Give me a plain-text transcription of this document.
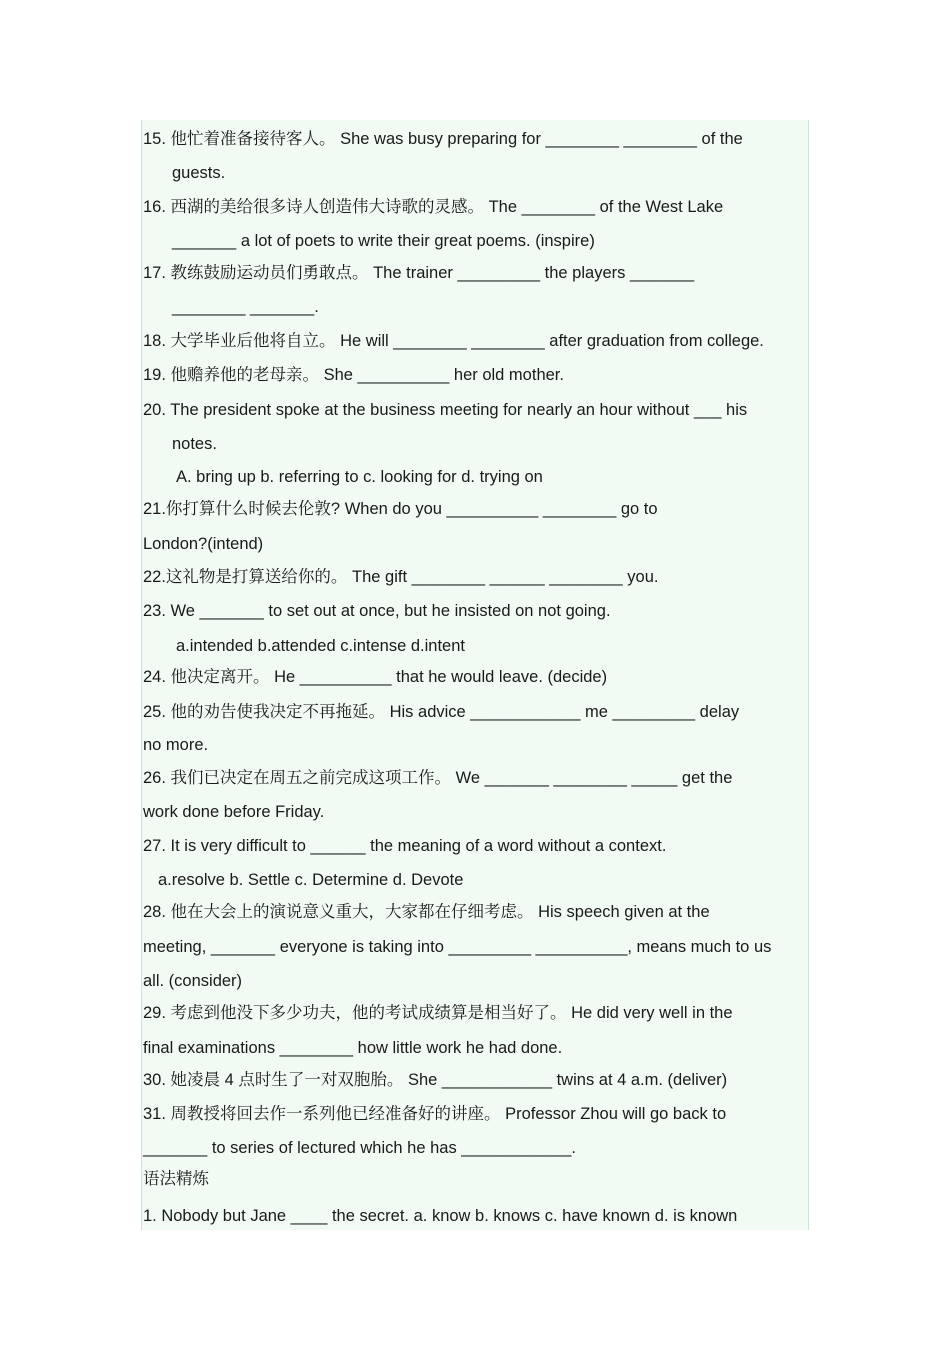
15. 他忙着准备接待客人。 She was busy preparing for ________ ________ of the
guests.
16. 西湖的美给很多诗人创造伟大诗歌的灵感。 The ________ of the West Lake
_______ a lot of poets to write their great poems. (inspire)
17. 教练鼓励运动员们勇敢点。 The trainer _________ the players _______
________ _______.
18. 大学毕业后他将自立。 He will ________ ________ after graduation from college.
19. 他赡养他的老母亲。 She __________ her old mother.
20. The president spoke at the business meeting for nearly an hour without ___ his
notes.
A. bring up b. referring to c. looking for d. trying on
21.你打算什么时候去伦敦? When do you __________ ________ go to
London?(intend)
22.这礼物是打算送给你的。 The gift ________ ______ ________ you.
23. We _______ to set out at once, but he insisted on not going.
a.intended b.attended c.intense d.intent
24. 他决定离开。 He __________ that he would leave. (decide)
25. 他的劝告使我决定不再拖延。 His advice ____________ me _________ delay
no more.
26. 我们已决定在周五之前完成这项工作。 We _______ ________ _____ get the
work done before Friday.
27. It is very difficult to ______ the meaning of a word without a context.
a.resolve b. Settle c. Determine d. Devote
28. 他在大会上的演说意义重大，大家都在仔细考虑。 His speech given at the
meeting, _______ everyone is taking into _________ __________, means much to us
all. (consider)
29. 考虑到他没下多少功夫，他的考试成绩算是相当好了。 He did very well in the
final examinations ________ how little work he had done.
30. 她凌晨 4 点时生了一对双胞胎。 She ____________ twins at 4 a.m. (deliver)
31. 周教授将回去作一系列他已经准备好的讲座。 Professor Zhou will go back to
_______ to series of lectured which he has ____________.
语法精炼
1. Nobody but Jane ____ the secret. a. know b. knows c. have known d. is known
